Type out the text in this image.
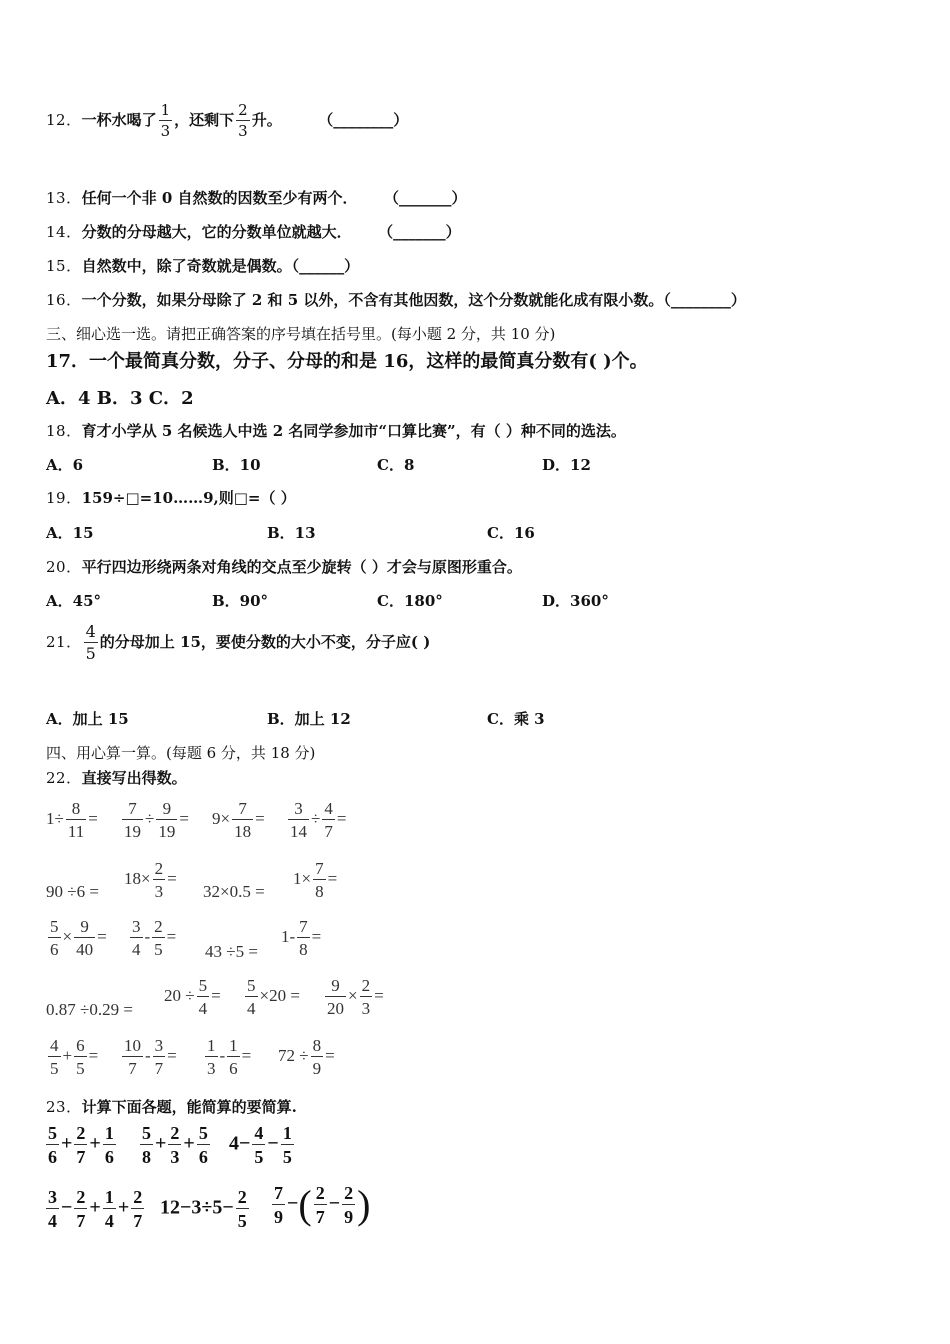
12．一杯水喝了 $\frac{1}{3}$ ，还剩下 $\frac{2}{3}$ 升。	（________）
13．任何一个非 0 自然数的因数至少有两个． （_______）
14．分数的分母越大，它的分数单位就越大． （_______）
15．自然数中，除了奇数就是偶数。（______）
16．一个分数，如果分母除了 2 和 5 以外，不含有其他因数，这个分数就能化成有限小数。（________）
三、细心选一选。请把正确答案的序号填在括号里。(每小题 2 分，共 10 分)
17．一个最简真分数，分子、分母的和是 16，这样的最简真分数有( )个。
A．4 B．3 C．2
18．育才小学从 5 名候选人中选 2 名同学参加市“口算比赛”，有（ ）种不同的选法。
A．6	B．10	C．8	D．12
19．159÷□=10……9,则□=（ ）
A．15	B．13	C．16
20．平行四边形绕两条对角线的交点至少旋转（ ）才会与原图形重合。
A．45°	B．90°	C．180°	D．360°
21． $\frac{4}{5}$ 的分母加上 15，要使分数的大小不变，分子应( )
A．加上 15	B．加上 12	C．乘 3
四、用心算一算。(每题 6 分，共 18 分)
22．直接写出得数。
$1\div \frac{8}{11} = \frac{7}{19} \div \frac{9}{19} = 9\times \frac{7}{18} = \frac{3}{14} \div \frac{4}{7}$ =
90 ÷6 =
$18\times \frac{2}{3}$ =
32×0.5 =
$1\times \frac{7}{8}$ =
$\frac{5}{6} \times \frac{9}{40} = \frac{3}{4} - \frac{2}{5}$ =
43 ÷5 =
$1- \frac{7}{8}$ =
0.87 ÷0.29 =
$20 \div \frac{5}{4} = \frac{5}{4} \times 20 = \frac{9}{20} \times \frac{2}{3}$ =
$\frac{4}{5} + \frac{6}{5} = \frac{10}{7} - \frac{3}{7} = \frac{1}{3} - \frac{1}{6} = 72 \div \frac{8}{9}$ =
23．计算下面各题，能简算的要简算.
$\frac{5}{6} + \frac{2}{7} + \frac{1}{6} \frac{5}{8} + \frac{2}{3} + \frac{5}{6} 4- \frac{4}{5} - \frac{1}{5}$
$\frac{3}{4} - \frac{2}{7} + \frac{1}{4} + \frac{2}{7} 12-3\div 5- \frac{2}{5} \frac{7}{9}$ −( $\frac{2}{7} - \frac{2}{9}$ )
